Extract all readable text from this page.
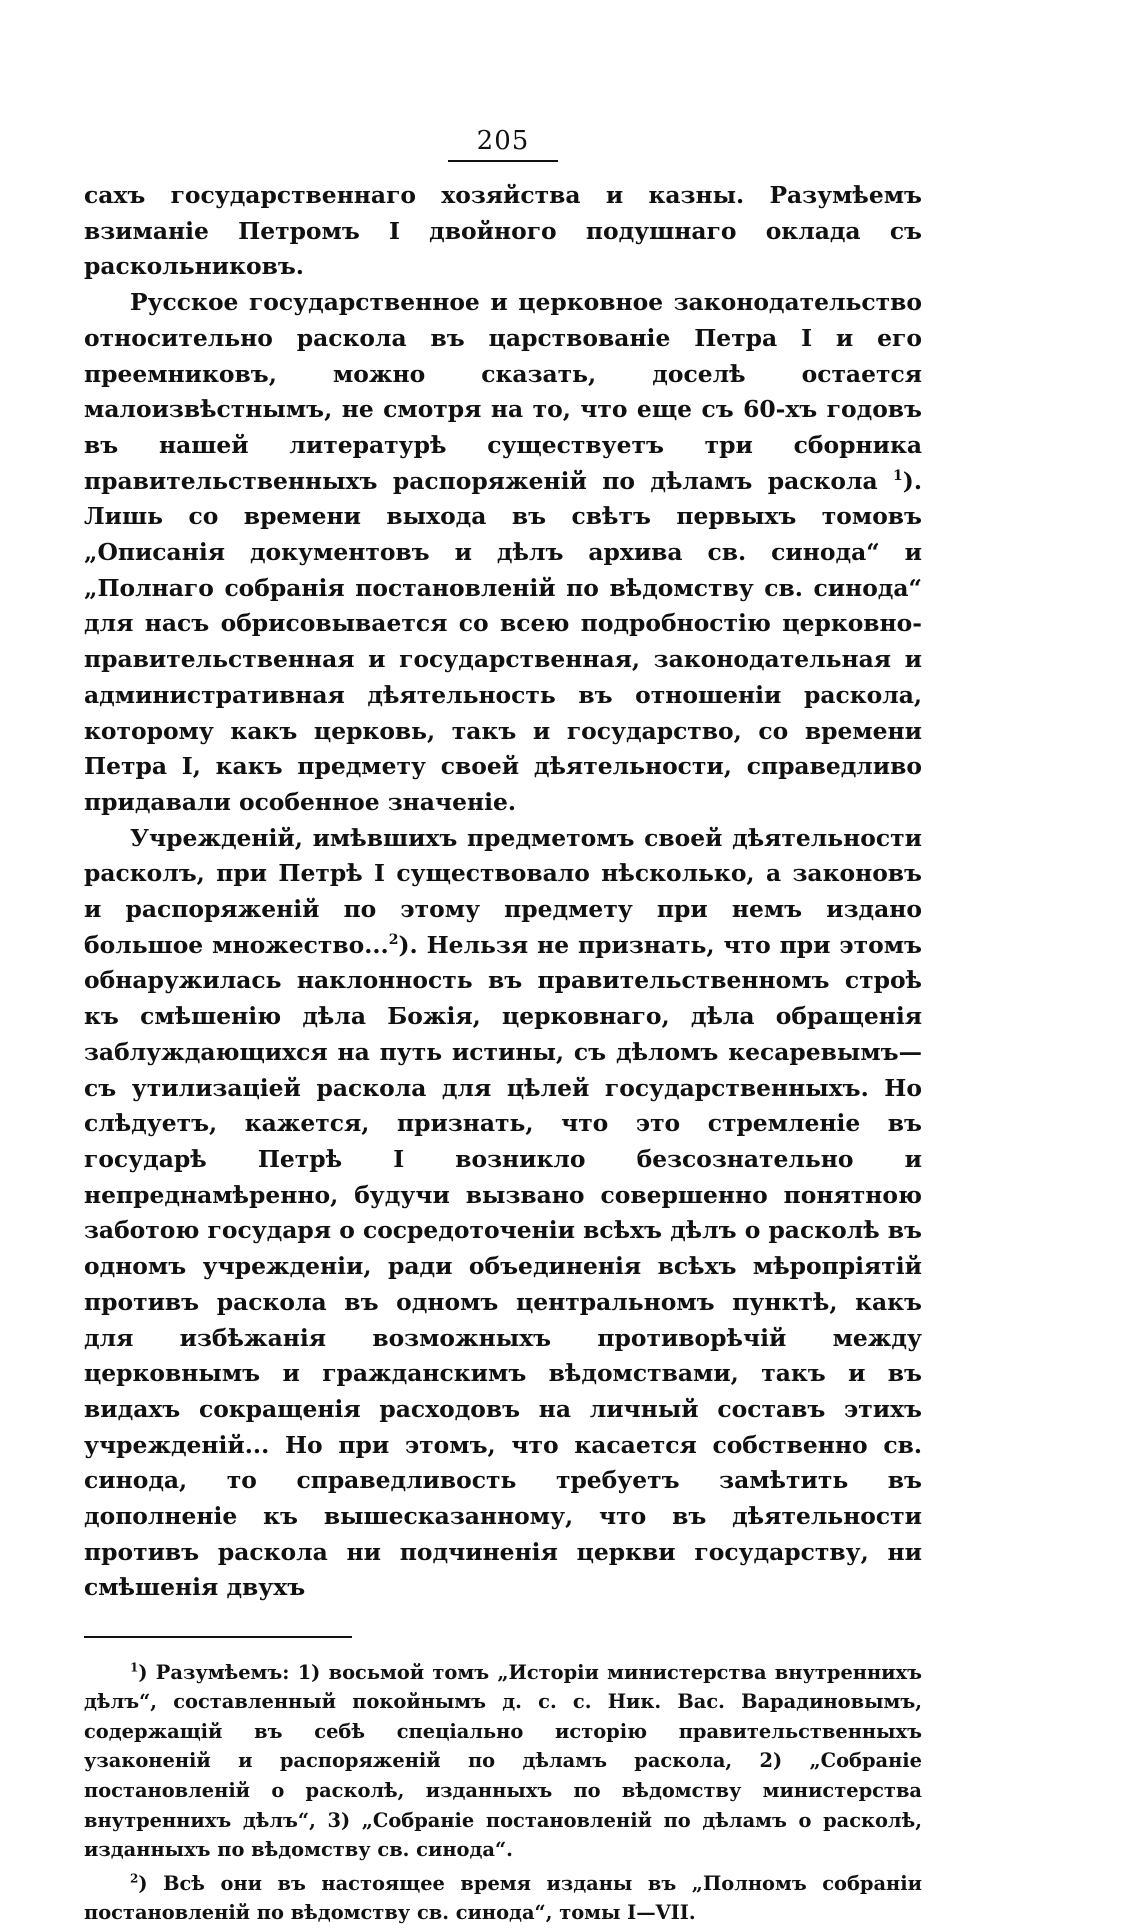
205

сахъ государственнаго хозяйства и казны. Разумѣемъ взиманіе Петромъ I двойного подушнаго оклада съ раскольниковъ.

Русское государственное и церковное законодательство относительно раскола въ царствованіе Петра I и его преемниковъ, можно сказать, доселѣ остается малоизвѣстнымъ, не смотря на то, что еще съ 60-хъ годовъ въ нашей литературѣ существуетъ три сборника правительственныхъ распоряженій по дѣламъ раскола $^1$). Лишь со времени выхода въ свѣтъ первыхъ томовъ „Описанія документовъ и дѣлъ архива св. синода“ и „Полнаго собранія постановленій по вѣдомству св. синода“ для насъ обрисовывается со всею подробностію церковно-правительственная и государственная, законодательная и административная дѣятельность въ отношеніи раскола, которому какъ церковь, такъ и государство, со времени Петра I, какъ предмету своей дѣятельности, справедливо придавали особенное значеніе.

Учрежденій, имѣвшихъ предметомъ своей дѣятельности расколъ, при Петрѣ I существовало нѣсколько, а законовъ и распоряженій по этому предмету при немъ издано большое множество...$^2$). Нельзя не признать, что при этомъ обнаружилась наклонность въ правительственномъ строѣ къ смѣшенію дѣла Божія, церковнаго, дѣла обращенія заблуждающихся на путь истины, съ дѣломъ кесаревымъ—съ утилизаціей раскола для цѣлей государственныхъ. Но слѣдуетъ, кажется, признать, что это стремленіе въ государѣ Петрѣ I возникло безсознательно и непреднамѣренно, будучи вызвано совершенно понятною заботою государя о сосредоточеніи всѣхъ дѣлъ о расколѣ въ одномъ учрежденіи, ради объединенія всѣхъ мѣропріятій противъ раскола въ одномъ центральномъ пунктѣ, какъ для избѣжанія возможныхъ противорѣчій между церковнымъ и гражданскимъ вѣдомствами, такъ и въ видахъ сокращенія расходовъ на личный составъ этихъ учрежденій... Но при этомъ, что касается собственно св. синода, то справедливость требуетъ замѣтить въ дополненіе къ вышесказанному, что въ дѣятельности противъ раскола ни подчиненія церкви государству, ни смѣшенія двухъ

$^1$) Разумѣемъ: 1) восьмой томъ „Исторіи министерства внутреннихъ дѣлъ“, составленный покойнымъ д. с. с. Ник. Вас. Варадиновымъ, содержащій въ себѣ спеціально исторію правительственныхъ узаконеній и распоряженій по дѣламъ раскола, 2) „Собраніе постановленій о расколѣ, изданныхъ по вѣдомству министерства внутреннихъ дѣлъ“, 3) „Собраніе постановленій по дѣламъ о расколѣ, изданныхъ по вѣдомству св. синода“.

$^2$) Всѣ они въ настоящее время изданы въ „Полномъ собраніи постановленій по вѣдомству св. синода“, томы I—VII.
